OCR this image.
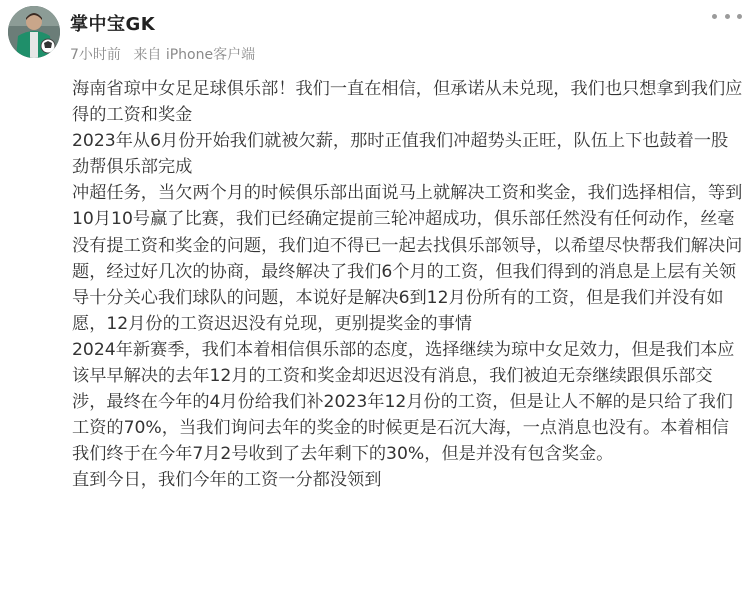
掌中宝GK
7小时前 来自 iPhone客户端

海南省琼中女足足球俱乐部！我们一直在相信，但承诺从未兑现，我们也只想拿到我们应得的工资和奖金

2023年从6月份开始我们就被欠薪，那时正值我们冲超势头正旺，队伍上下也鼓着一股劲帮俱乐部完成

冲超任务，当欠两个月的时候俱乐部出面说马上就解决工资和奖金，我们选择相信，等到10月10号赢了比赛，我们已经确定提前三轮冲超成功，俱乐部任然没有任何动作，丝毫没有提工资和奖金的问题，我们迫不得已一起去找俱乐部领导，以希望尽快帮我们解决问题，经过好几次的协商，最终解决了我们6个月的工资，但我们得到的消息是上层有关领导十分关心我们球队的问题，本说好是解决6到12月份所有的工资，但是我们并没有如愿，12月份的工资迟迟没有兑现，更别提奖金的事情

2024年新赛季，我们本着相信俱乐部的态度，选择继续为琼中女足效力，但是我们本应该早早解决的去年12月的工资和奖金却迟迟没有消息，我们被迫无奈继续跟俱乐部交涉，最终在今年的4月份给我们补2023年12月份的工资，但是让人不解的是只给了我们工资的70%，当我们询问去年的奖金的时候更是石沉大海，一点消息也没有。本着相信我们终于在今年7月2号收到了去年剩下的30%，但是并没有包含奖金。

直到今日，我们今年的工资一分都没领到
